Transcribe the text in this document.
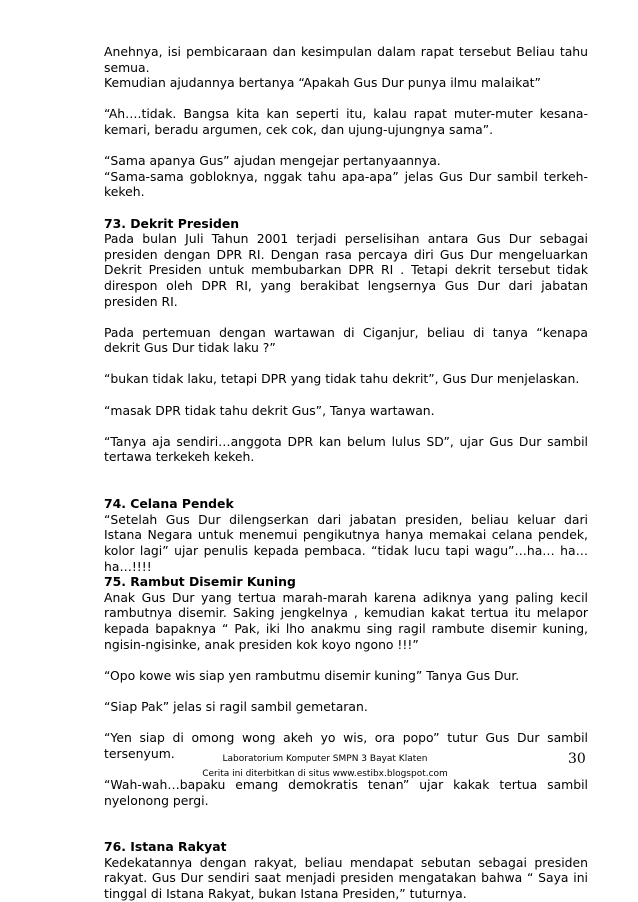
Anehnya, isi pembicaraan dan kesimpulan dalam rapat tersebut Beliau tahu semua.

Kemudian ajudannya bertanya “Apakah Gus Dur punya ilmu malaikat”

“Ah….tidak. Bangsa kita kan seperti itu, kalau rapat muter-muter kesana-kemari, beradu argumen, cek cok, dan ujung-ujungnya sama”.

“Sama apanya Gus” ajudan mengejar pertanyaannya.

“Sama-sama gobloknya, nggak tahu apa-apa” jelas Gus Dur sambil terkeh-kekeh.

73. Dekrit Presiden

Pada bulan Juli Tahun 2001 terjadi perselisihan antara Gus Dur sebagai presiden dengan DPR RI. Dengan rasa percaya diri Gus Dur mengeluarkan Dekrit Presiden untuk membubarkan DPR RI . Tetapi dekrit tersebut tidak direspon oleh DPR RI, yang berakibat lengsernya Gus Dur dari jabatan presiden RI.

Pada pertemuan dengan wartawan di Ciganjur, beliau di tanya “kenapa dekrit Gus Dur tidak laku ?”

“bukan tidak laku, tetapi DPR yang tidak tahu dekrit”, Gus Dur menjelaskan.

“masak DPR tidak tahu dekrit Gus”, Tanya wartawan.

“Tanya aja sendiri…anggota DPR kan belum lulus SD”, ujar Gus Dur sambil tertawa terkekeh kekeh.

74. Celana Pendek

“Setelah Gus Dur dilengserkan dari jabatan presiden, beliau keluar dari Istana Negara untuk menemui pengikutnya hanya memakai celana pendek, kolor lagi” ujar penulis kepada pembaca. “tidak lucu tapi wagu”…ha… ha… ha…!!!!

75. Rambut Disemir Kuning

Anak Gus Dur yang tertua marah-marah karena adiknya yang paling kecil rambutnya disemir. Saking jengkelnya , kemudian kakat tertua itu melapor kepada bapaknya “ Pak, iki lho anakmu sing ragil rambute disemir kuning, ngisin-ngisinke, anak presiden kok koyo ngono !!!”

“Opo kowe wis siap yen rambutmu disemir kuning” Tanya Gus Dur.

“Siap Pak” jelas si ragil sambil gemetaran.

“Yen siap di omong wong akeh yo wis, ora popo” tutur Gus Dur sambil tersenyum.

“Wah-wah…bapaku emang demokratis tenan” ujar kakak tertua sambil nyelonong pergi.

76. Istana Rakyat

Kedekatannya dengan rakyat, beliau mendapat sebutan sebagai presiden rakyat. Gus Dur sendiri saat menjadi presiden mengatakan bahwa “ Saya ini tinggal di Istana Rakyat, bukan Istana Presiden,” tuturnya.

Laboratorium Komputer SMPN 3 Bayat Klaten
Cerita ini diterbitkan di situs www.estibx.blogspot.com
30
